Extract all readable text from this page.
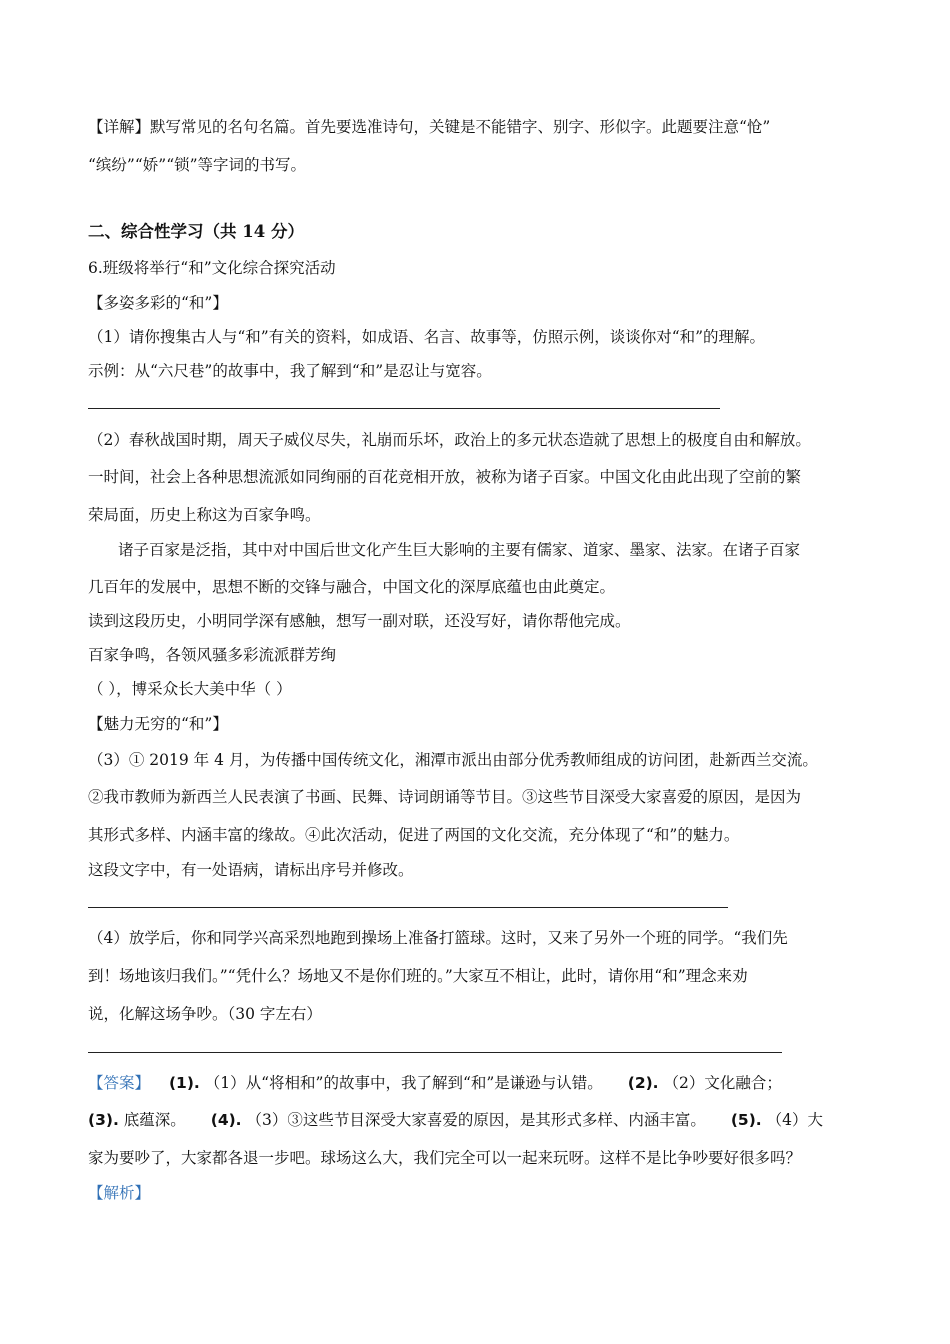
【详解】默写常见的名句名篇。首先要选准诗句，关键是不能错字、别字、形似字。此题要注意“怆”
“缤纷”“娇”“锁”等字词的书写。
二、综合性学习（共 14 分）
6.班级将举行“和”文化综合探究活动
【多姿多彩的“和”】
（1）请你搜集古人与“和”有关的资料，如成语、名言、故事等，仿照示例，谈谈你对“和”的理解。
示例：从“六尺巷”的故事中，我了解到“和”是忍让与宽容。
（2）春秋战国时期，周天子威仪尽失，礼崩而乐坏，政治上的多元状态造就了思想上的极度自由和解放。
一时间，社会上各种思想流派如同绚丽的百花竞相开放，被称为诸子百家。中国文化由此出现了空前的繁
荣局面，历史上称这为百家争鸣。
诸子百家是泛指，其中对中国后世文化产生巨大影响的主要有儒家、道家、墨家、法家。在诸子百家
几百年的发展中，思想不断的交锋与融合，中国文化的深厚底蕴也由此奠定。
读到这段历史，小明同学深有感触，想写一副对联，还没写好，请你帮他完成。
百家争鸣，各领风骚多彩流派群芳绚
（ ），博采众长大美中华（ ）
【魅力无穷的“和”】
（3）① 2019 年 4 月，为传播中国传统文化，湘潭市派出由部分优秀教师组成的访问团，赴新西兰交流。
②我市教师为新西兰人民表演了书画、民舞、诗词朗诵等节目。③这些节目深受大家喜爱的原因，是因为
其形式多样、内涵丰富的缘故。④此次活动，促进了两国的文化交流，充分体现了“和”的魅力。
这段文字中，有一处语病，请标出序号并修改。
（4）放学后，你和同学兴高采烈地跑到操场上准备打篮球。这时，又来了另外一个班的同学。“我们先
到！场地该归我们。”“凭什么？场地又不是你们班的。”大家互不相让，此时，请你用“和”理念来劝
说，化解这场争吵。（30 字左右）
【答案】 (1). （1）从“将相和”的故事中，我了解到“和”是谦逊与认错。 (2). （2）文化融合；
(3). 底蕴深。 (4). （3）③这些节目深受大家喜爱的原因，是其形式多样、内涵丰富。 (5). （4）大
家为要吵了，大家都各退一步吧。球场这么大，我们完全可以一起来玩呀。这样不是比争吵要好很多吗？
【解析】
